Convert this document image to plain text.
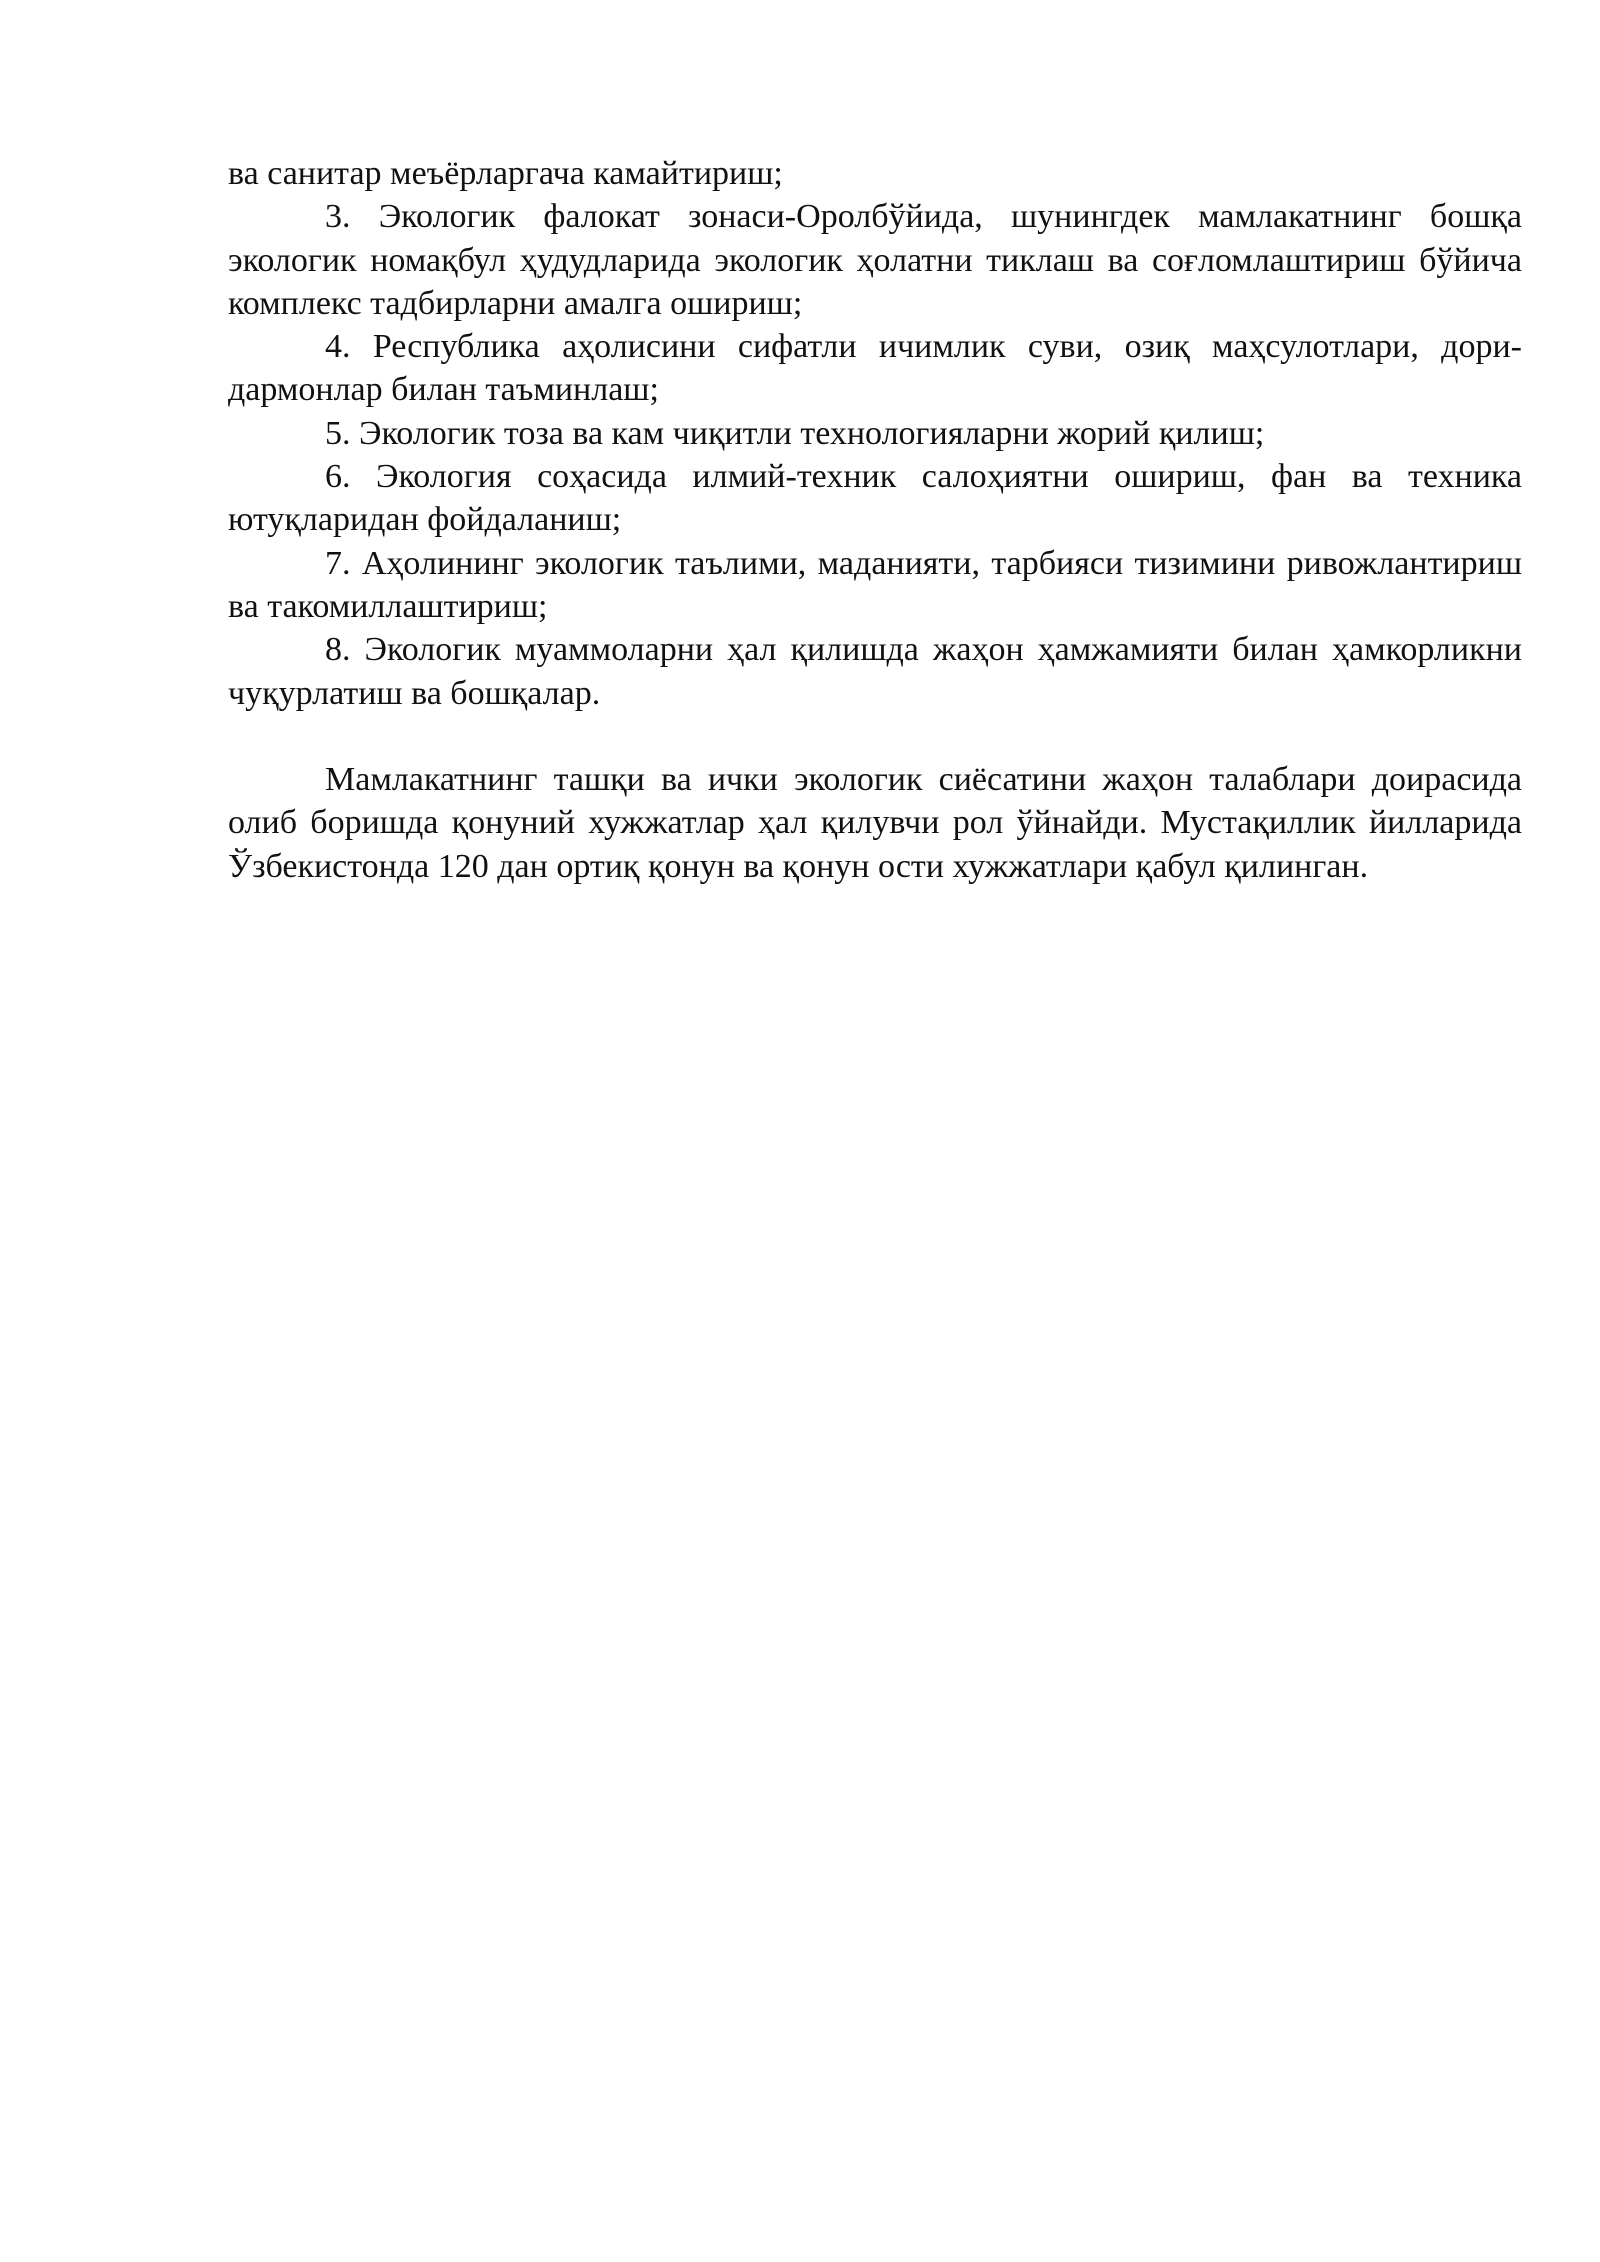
ва санитар меъёрларгача камайтириш;

3. Экологик фалокат зонаси-Оролбўйида, шунингдек мамлакатнинг бошқа экологик номақбул ҳудудларида экологик ҳолатни тиклаш ва соғломлаштириш бўйича комплекс тадбирларни амалга ошириш;

4. Республика аҳолисини сифатли ичимлик суви, озиқ маҳсулотлари, дори-дармонлар билан таъминлаш;

5. Экологик тоза ва кам чиқитли технологияларни жорий қилиш;

6. Экология соҳасида илмий-техник салоҳиятни ошириш, фан ва техника ютуқларидан фойдаланиш;

7. Аҳолининг экологик таълими, маданияти, тарбияси тизимини ривожлантириш ва такомиллаштириш;

8. Экологик муаммоларни ҳал қилишда жаҳон ҳамжамияти билан ҳамкорликни чуқурлатиш ва бошқалар.

Мамлакатнинг ташқи ва ички экологик сиёсатини жаҳон талаблари доирасида олиб боришда қонуний хужжатлар ҳал қилувчи рол ўйнайди. Мустақиллик йилларида Ўзбекистонда 120 дан ортиқ қонун ва қонун ости хужжатлари қабул қилинган.
